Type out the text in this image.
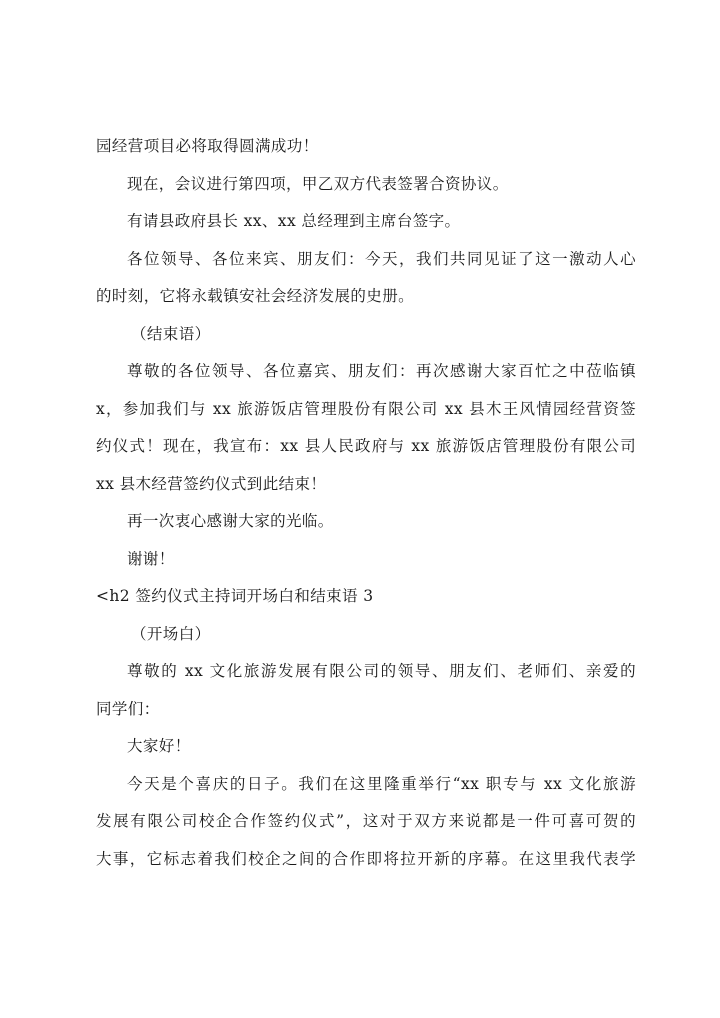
园经营项目必将取得圆满成功！
现在，会议进行第四项，甲乙双方代表签署合资协议。
有请县政府县长 xx、xx 总经理到主席台签字。
各位领导、各位来宾、朋友们：今天，我们共同见证了这一激动人心
的时刻，它将永载镇安社会经济发展的史册。
（结束语）
尊敬的各位领导、各位嘉宾、朋友们：再次感谢大家百忙之中莅临镇
x，参加我们与 xx 旅游饭店管理股份有限公司 xx 县木王风情园经营资签
约仪式！现在，我宣布：xx 县人民政府与 xx 旅游饭店管理股份有限公司
xx 县木经营签约仪式到此结束！
再一次衷心感谢大家的光临。
谢谢！
<h2 签约仪式主持词开场白和结束语 3
（开场白）
尊敬的 xx 文化旅游发展有限公司的领导、朋友们、老师们、亲爱的
同学们：
大家好！
今天是个喜庆的日子。我们在这里隆重举行“xx 职专与 xx 文化旅游
发展有限公司校企合作签约仪式”，这对于双方来说都是一件可喜可贺的
大事，它标志着我们校企之间的合作即将拉开新的序幕。在这里我代表学
